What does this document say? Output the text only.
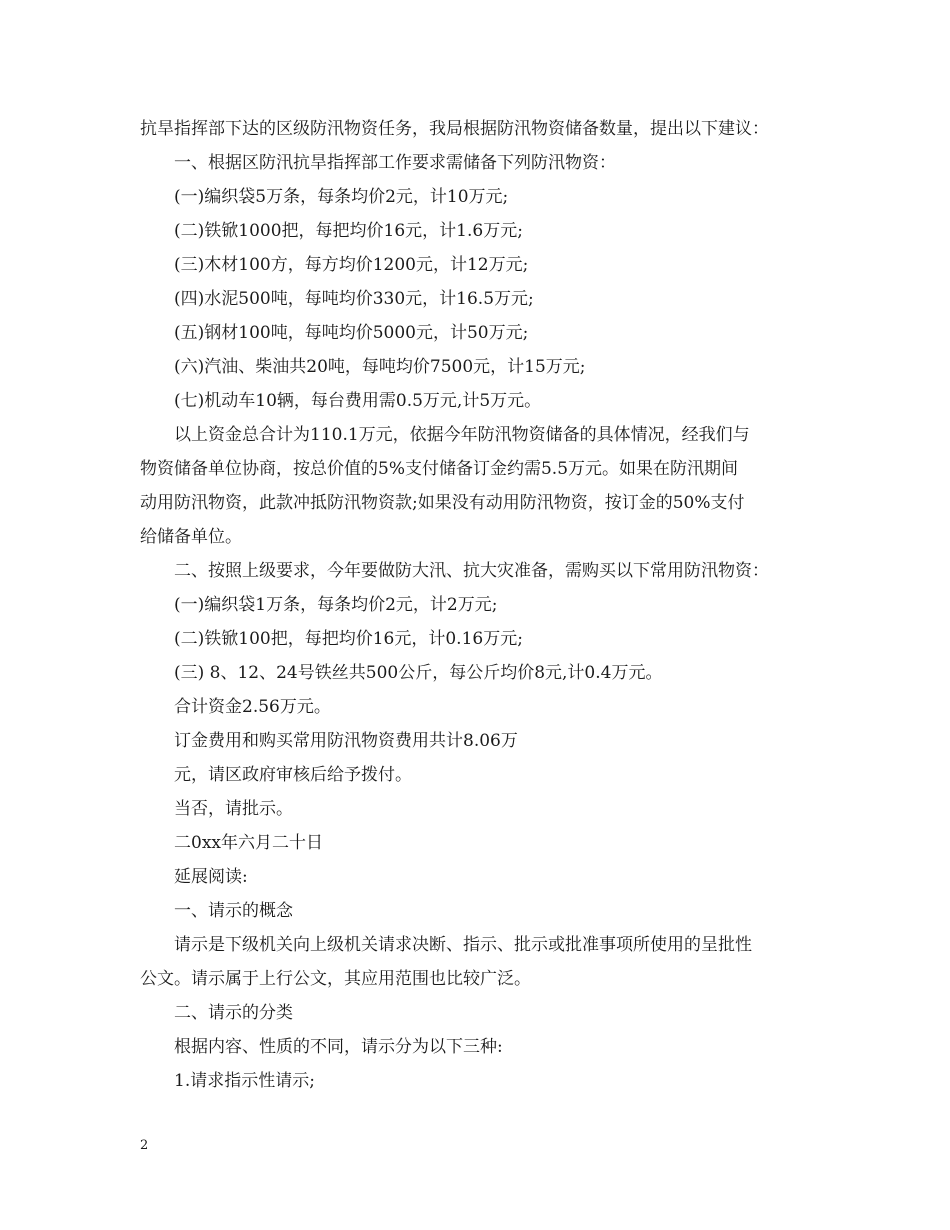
抗旱指挥部下达的区级防汛物资任务，我局根据防汛物资储备数量，提出以下建议：
一、根据区防汛抗旱指挥部工作要求需储备下列防汛物资：
(一)编织袋5万条，每条均价2元，计10万元;
(二)铁锨1000把，每把均价16元，计1.6万元;
(三)木材100方，每方均价1200元，计12万元;
(四)水泥500吨，每吨均价330元，计16.5万元;
(五)钢材100吨，每吨均价5000元，计50万元;
(六)汽油、柴油共20吨，每吨均价7500元，计15万元;
(七)机动车10辆，每台费用需0.5万元,计5万元。
以上资金总合计为110.1万元，依据今年防汛物资储备的具体情况，经我们与
物资储备单位协商，按总价值的5%支付储备订金约需5.5万元。如果在防汛期间
动用防汛物资，此款冲抵防汛物资款;如果没有动用防汛物资，按订金的50%支付
给储备单位。
二、按照上级要求，今年要做防大汛、抗大灾准备，需购买以下常用防汛物资：
(一)编织袋1万条，每条均价2元，计2万元;
(二)铁锨100把，每把均价16元，计0.16万元;
(三) 8、12、24号铁丝共500公斤，每公斤均价8元,计0.4万元。
合计资金2.56万元。
订金费用和购买常用防汛物资费用共计8.06万
元，请区政府审核后给予拨付。
当否，请批示。
二0xx年六月二十日
延展阅读:
一、请示的概念
请示是下级机关向上级机关请求决断、指示、批示或批准事项所使用的呈批性
公文。请示属于上行公文，其应用范围也比较广泛。
二、请示的分类
根据内容、性质的不同，请示分为以下三种:
1.请求指示性请示;
2
